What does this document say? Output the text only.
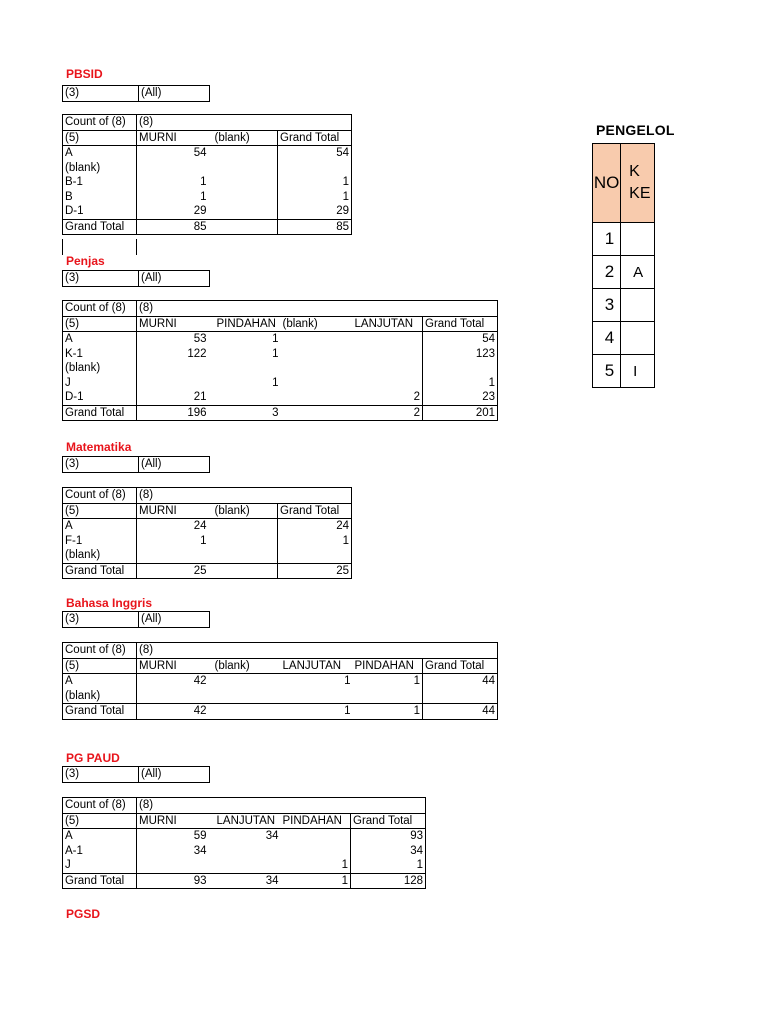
PBSID
(3)	(All)
Count of (8)	(8)		
(5)	MURNI	(blank)	Grand Total
A	54		54
(blank)			
B-1	1		1
B	1		1
D-1	29		29
Grand Total	85		85
Penjas
(3)	(All)
Count of (8)	(8)				
(5)	MURNI	PINDAHAN	(blank)	LANJUTAN	Grand Total
A	53	1			54
K-1	122	1			123
(blank)					
J		1			1
D-1	21			2	23
Grand Total	196	3		2	201
Matematika
(3)	(All)
Count of (8)	(8)		
(5)	MURNI	(blank)	Grand Total
A	24		24
F-1	1		1
(blank)			
Grand Total	25		25
Bahasa Inggris
(3)	(All)
Count of (8)	(8)				
(5)	MURNI	(blank)	LANJUTAN	PINDAHAN	Grand Total
A	42		1	1	44
(blank)					
Grand Total	42		1	1	44
PG PAUD
(3)	(All)
Count of (8)	(8)			
(5)	MURNI	LANJUTAN	PINDAHAN	Grand Total
A	59	34		93
A-1	34			34
J			1	1
Grand Total	93	34	1	128
PGSD
PENGELOL
NO	K
KE

1	
2	A
3	
4	
5	I
